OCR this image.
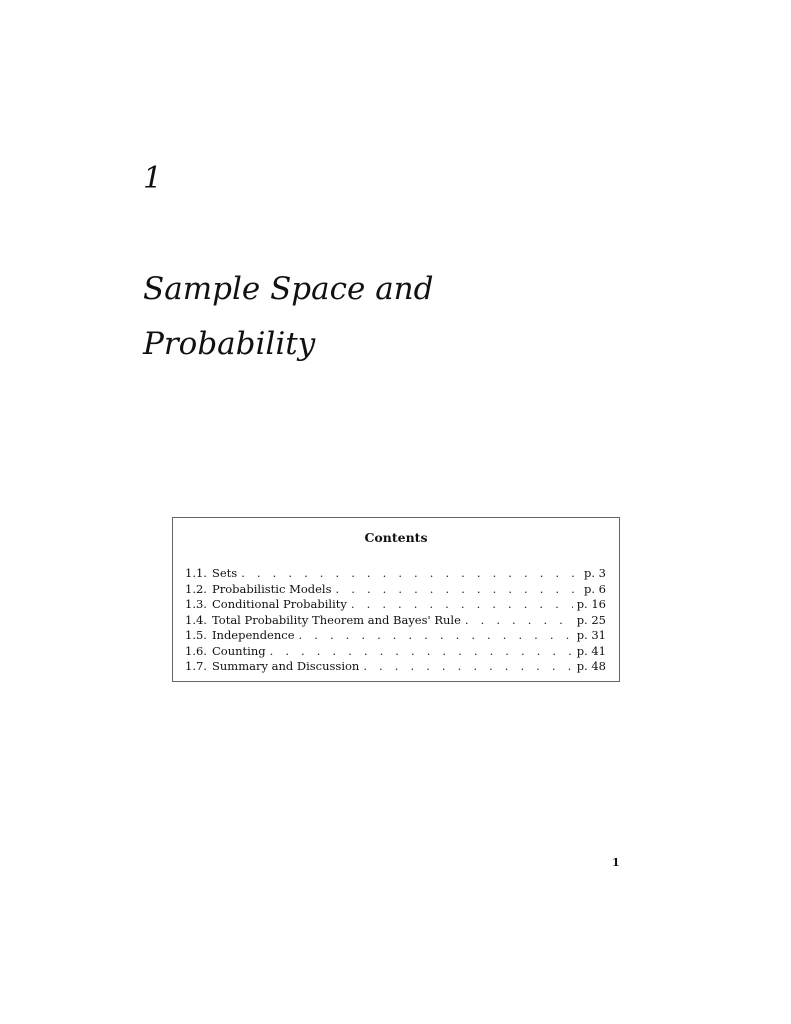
1
Sample Space and
Probability
Contents
1.1. Sets . . .	p. 3
1.2. Probabilistic Models . . .	p. 6
1.3. Conditional Probability . . .	p. 16
1.4. Total Probability Theorem and Bayes' Rule . . .	p. 25
1.5. Independence . . .	p. 31
1.6. Counting . . .	p. 41
1.7. Summary and Discussion . . .	p. 48
1
